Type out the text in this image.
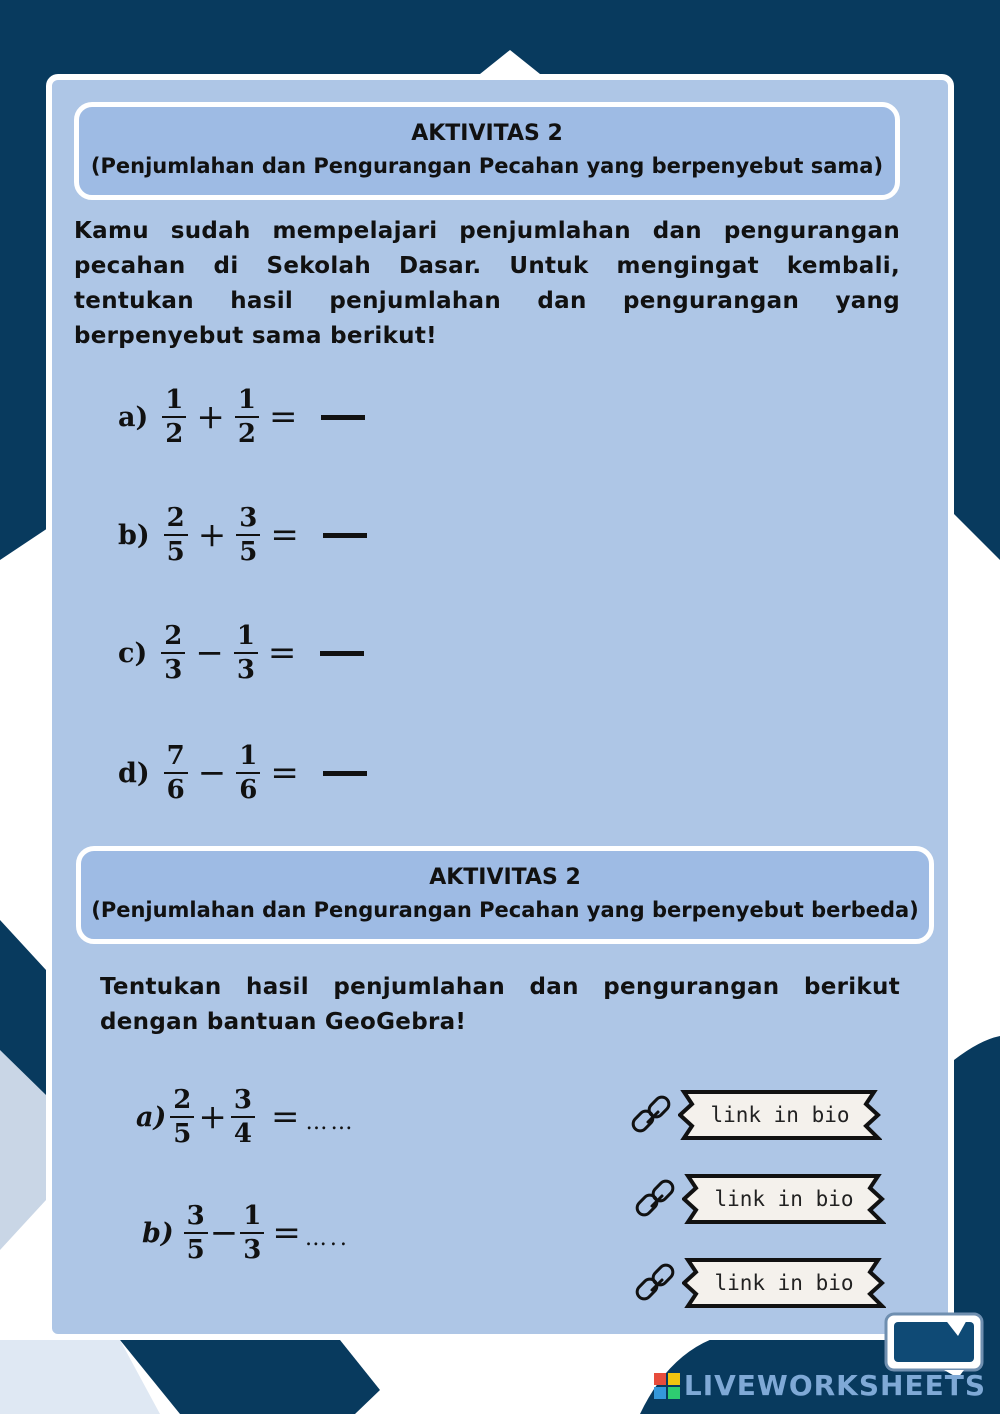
AKTIVITAS 2
(Penjumlahan dan Pengurangan Pecahan yang berpenyebut sama)
Kamu sudah mempelajari penjumlahan dan pengurangan pecahan di Sekolah Dasar. Untuk mengingat kembali, tentukan hasil penjumlahan dan pengurangan yang berpenyebut sama berikut!
$a) \frac{1}{2} + \frac{1}{2}$ =
$b) \frac{2}{5} + \frac{3}{5}$ =
$c) \frac{2}{3} - \frac{1}{3}$ =
$d) \frac{7}{6} - \frac{1}{6}$ =
AKTIVITAS 2
(Penjumlahan dan Pengurangan Pecahan yang berpenyebut berbeda)
Tentukan hasil penjumlahan dan pengurangan berikut dengan bantuan GeoGebra!
$a) \frac{2}{5} + \frac{3}{4}$ = ……
$b) \frac{3}{5} - \frac{1}{3}$ = …..
link in bio
link in bio
link in bio
LIVEWORKSHEETS
